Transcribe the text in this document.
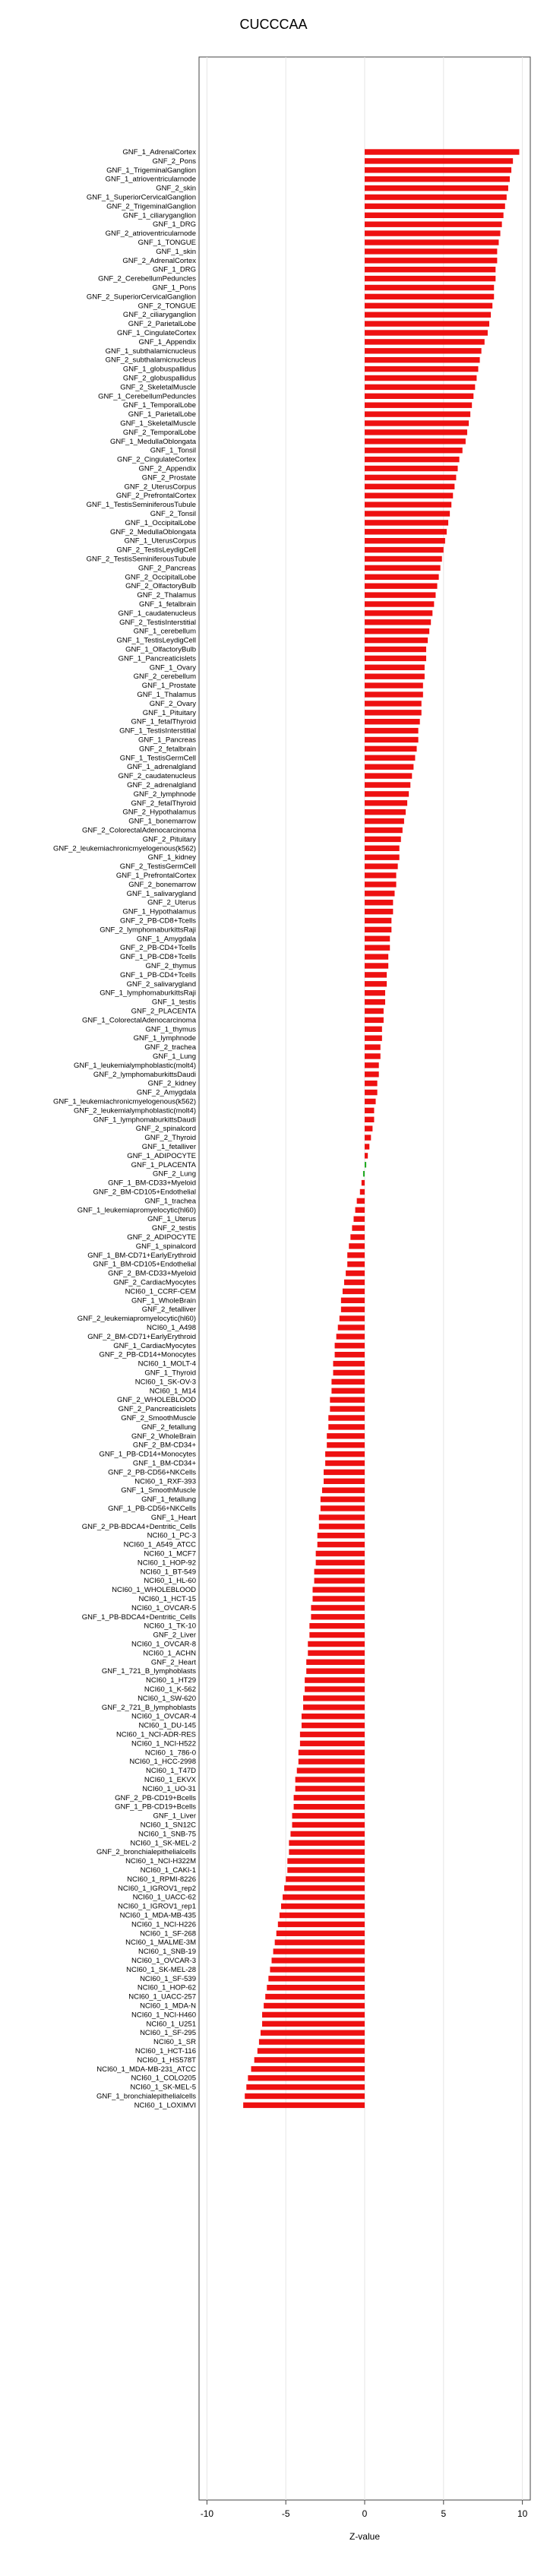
CUCCCAA
GNF_1_AdrenalCortex
GNF_2_Pons
GNF_1_TrigeminalGanglion
GNF_1_atrioventricularnode
GNF_2_skin
GNF_1_SuperiorCervicalGanglion
GNF_2_TrigeminalGanglion
GNF_1_ciliaryganglion
GNF_1_DRG
GNF_2_atrioventricularnode
GNF_1_TONGUE
GNF_1_skin
GNF_2_AdrenalCortex
GNF_1_DRG
GNF_2_CerebellumPeduncles
GNF_1_Pons
GNF_2_SuperiorCervicalGanglion
GNF_2_TONGUE
GNF_2_ciliaryganglion
GNF_2_ParietalLobe
GNF_1_CingulateCortex
GNF_1_Appendix
GNF_1_subthalamicnucleus
GNF_2_subthalamicnucleus
GNF_1_globuspallidus
GNF_2_globuspallidus
GNF_2_SkeletalMuscle
GNF_1_CerebellumPeduncles
GNF_1_TemporalLobe
GNF_1_ParietalLobe
GNF_1_SkeletalMuscle
GNF_2_TemporalLobe
GNF_1_MedullaOblongata
GNF_1_Tonsil
GNF_2_CingulateCortex
GNF_2_Appendix
GNF_2_Prostate
GNF_2_UterusCorpus
GNF_2_PrefrontalCortex
GNF_1_TestisSeminiferousTubule
GNF_2_Tonsil
GNF_1_OccipitalLobe
GNF_2_MedullaOblongata
GNF_1_UterusCorpus
GNF_2_TestisLeydigCell
GNF_2_TestisSeminiferousTubule
GNF_2_Pancreas
GNF_2_OccipitalLobe
GNF_2_OlfactoryBulb
GNF_2_Thalamus
GNF_1_fetalbrain
GNF_1_caudatenucleus
GNF_2_TestisInterstitial
GNF_1_cerebellum
GNF_1_TestisLeydigCell
GNF_1_OlfactoryBulb
GNF_1_Pancreaticislets
GNF_1_Ovary
GNF_2_cerebellum
GNF_1_Prostate
GNF_1_Thalamus
GNF_2_Ovary
GNF_1_Pituitary
GNF_1_fetalThyroid
GNF_1_TestisInterstitial
GNF_1_Pancreas
GNF_2_fetalbrain
GNF_1_TestisGermCell
GNF_1_adrenalgland
GNF_2_caudatenucleus
GNF_2_adrenalgland
GNF_2_lymphnode
GNF_2_fetalThyroid
GNF_2_Hypothalamus
GNF_1_bonemarrow
GNF_2_ColorectalAdenocarcinoma
GNF_2_Pituitary
GNF_2_leukemiachronicmyelogenous(k562)
GNF_1_kidney
GNF_2_TestisGermCell
GNF_1_PrefrontalCortex
GNF_2_bonemarrow
GNF_1_salivarygland
GNF_2_Uterus
GNF_1_Hypothalamus
GNF_2_PB-CD8+Tcells
GNF_2_lymphomaburkittsRaji
GNF_1_Amygdala
GNF_2_PB-CD4+Tcells
GNF_1_PB-CD8+Tcells
GNF_2_thymus
GNF_1_PB-CD4+Tcells
GNF_2_salivarygland
GNF_1_lymphomaburkittsRaji
GNF_1_testis
GNF_2_PLACENTA
GNF_1_ColorectalAdenocarcinoma
GNF_1_thymus
GNF_1_lymphnode
GNF_2_trachea
GNF_1_Lung
GNF_1_leukemialymphoblastic(molt4)
GNF_2_lymphomaburkittsDaudi
GNF_2_kidney
GNF_2_Amygdala
GNF_1_leukemiachronicmyelogenous(k562)
GNF_2_leukemialymphoblastic(molt4)
GNF_1_lymphomaburkittsDaudi
GNF_2_spinalcord
GNF_2_Thyroid
GNF_1_fetalliver
GNF_1_ADIPOCYTE
GNF_1_PLACENTA
GNF_2_Lung
GNF_1_BM-CD33+Myeloid
GNF_2_BM-CD105+Endothelial
GNF_1_trachea
GNF_1_leukemiapromyelocytic(hl60)
GNF_1_Uterus
GNF_2_testis
GNF_2_ADIPOCYTE
GNF_1_spinalcord
GNF_1_BM-CD71+EarlyErythroid
GNF_1_BM-CD105+Endothelial
GNF_2_BM-CD33+Myeloid
GNF_2_CardiacMyocytes
NCI60_1_CCRF-CEM
GNF_1_WholeBrain
GNF_2_fetalliver
GNF_2_leukemiapromyelocytic(hl60)
NCI60_1_A498
GNF_2_BM-CD71+EarlyErythroid
GNF_1_CardiacMyocytes
GNF_2_PB-CD14+Monocytes
NCI60_1_MOLT-4
GNF_1_Thyroid
NCI60_1_SK-OV-3
NCI60_1_M14
GNF_2_WHOLEBLOOD
GNF_2_Pancreaticislets
GNF_2_SmoothMuscle
GNF_2_fetallung
GNF_2_WholeBrain
GNF_2_BM-CD34+
GNF_1_PB-CD14+Monocytes
GNF_1_BM-CD34+
GNF_2_PB-CD56+NKCells
NCI60_1_RXF-393
GNF_1_SmoothMuscle
GNF_1_fetallung
GNF_1_PB-CD56+NKCells
GNF_1_Heart
GNF_2_PB-BDCA4+Dentritic_Cells
NCI60_1_PC-3
NCI60_1_A549_ATCC
NCI60_1_MCF7
NCI60_1_HOP-92
NCI60_1_BT-549
NCI60_1_HL-60
NCI60_1_WHOLEBLOOD
NCI60_1_HCT-15
NCI60_1_OVCAR-5
GNF_1_PB-BDCA4+Dentritic_Cells
NCI60_1_TK-10
GNF_2_Liver
NCI60_1_OVCAR-8
NCI60_1_ACHN
GNF_2_Heart
GNF_1_721_B_lymphoblasts
NCI60_1_HT29
NCI60_1_K-562
NCI60_1_SW-620
GNF_2_721_B_lymphoblasts
NCI60_1_OVCAR-4
NCI60_1_DU-145
NCI60_1_NCI-ADR-RES
NCI60_1_NCI-H522
NCI60_1_786-0
NCI60_1_HCC-2998
NCI60_1_T47D
NCI60_1_EKVX
NCI60_1_UO-31
GNF_2_PB-CD19+Bcells
GNF_1_PB-CD19+Bcells
GNF_1_Liver
NCI60_1_SN12C
NCI60_1_SNB-75
NCI60_1_SK-MEL-2
GNF_2_bronchialepithelialcells
NCI60_1_NCI-H322M
NCI60_1_CAKI-1
NCI60_1_RPMI-8226
NCI60_1_IGROV1_rep2
NCI60_1_UACC-62
NCI60_1_IGROV1_rep1
NCI60_1_MDA-MB-435
NCI60_1_NCI-H226
NCI60_1_SF-268
NCI60_1_MALME-3M
NCI60_1_SNB-19
NCI60_1_OVCAR-3
NCI60_1_SK-MEL-28
NCI60_1_SF-539
NCI60_1_HOP-62
NCI60_1_UACC-257
NCI60_1_MDA-N
NCI60_1_NCI-H460
NCI60_1_U251
NCI60_1_SF-295
NCI60_1_SR
NCI60_1_HCT-116
NCI60_1_HS578T
NCI60_1_MDA-MB-231_ATCC
NCI60_1_COLO205
NCI60_1_SK-MEL-5
GNF_1_bronchialepithelialcells
NCI60_1_LOXIMVI
-10	-5	0	5	10
Z-value
